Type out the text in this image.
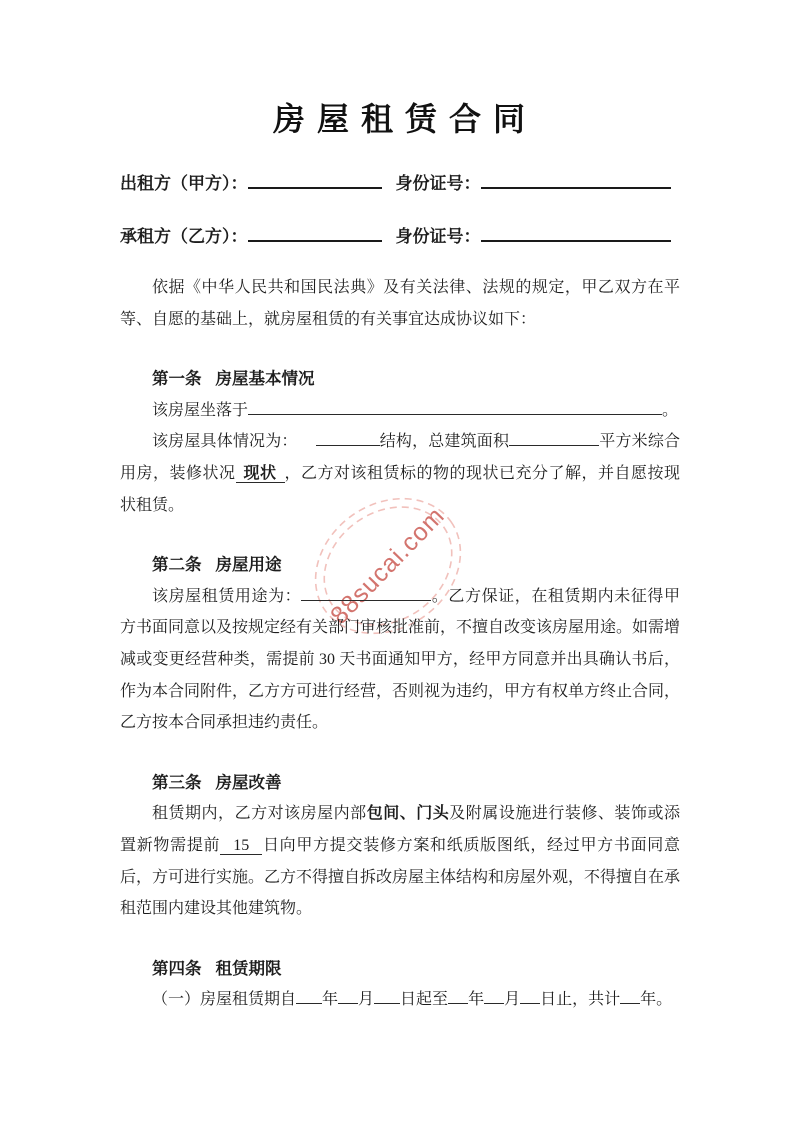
88sucai.com
房 屋 租 赁 合 同
出租方（甲方）：	身份证号：
承租方（乙方）：	身份证号：

依据《中华人民共和国民法典》及有关法律、法规的规定，甲乙双方在平等、自愿的基础上，就房屋租赁的有关事宜达成协议如下：

第一条 房屋基本情况

该房屋坐落于	。

该房屋具体情况为：	结构，总建筑面积	平方米综合用房，装修状况 现状 ，乙方对该租赁标的物的现状已充分了解，并自愿按现状租赁。

第二条 房屋用途

该房屋租赁用途为：	。乙方保证，在租赁期内未征得甲方书面同意以及按规定经有关部门审核批准前，不擅自改变该房屋用途。如需增减或变更经营种类，需提前 30 天书面通知甲方，经甲方同意并出具确认书后，作为本合同附件，乙方方可进行经营，否则视为违约，甲方有权单方终止合同，乙方按本合同承担违约责任。

第三条 房屋改善

租赁期内，乙方对该房屋内部包间、门头及附属设施进行装修、装饰或添置新物需提前 15 日向甲方提交装修方案和纸质版图纸，经过甲方书面同意后，方可进行实施。乙方不得擅自拆改房屋主体结构和房屋外观，不得擅自在承租范围内建设其他建筑物。

第四条 租赁期限

（一）房屋租赁期自 年 月 日起至 年 月 日止，共计 年。
